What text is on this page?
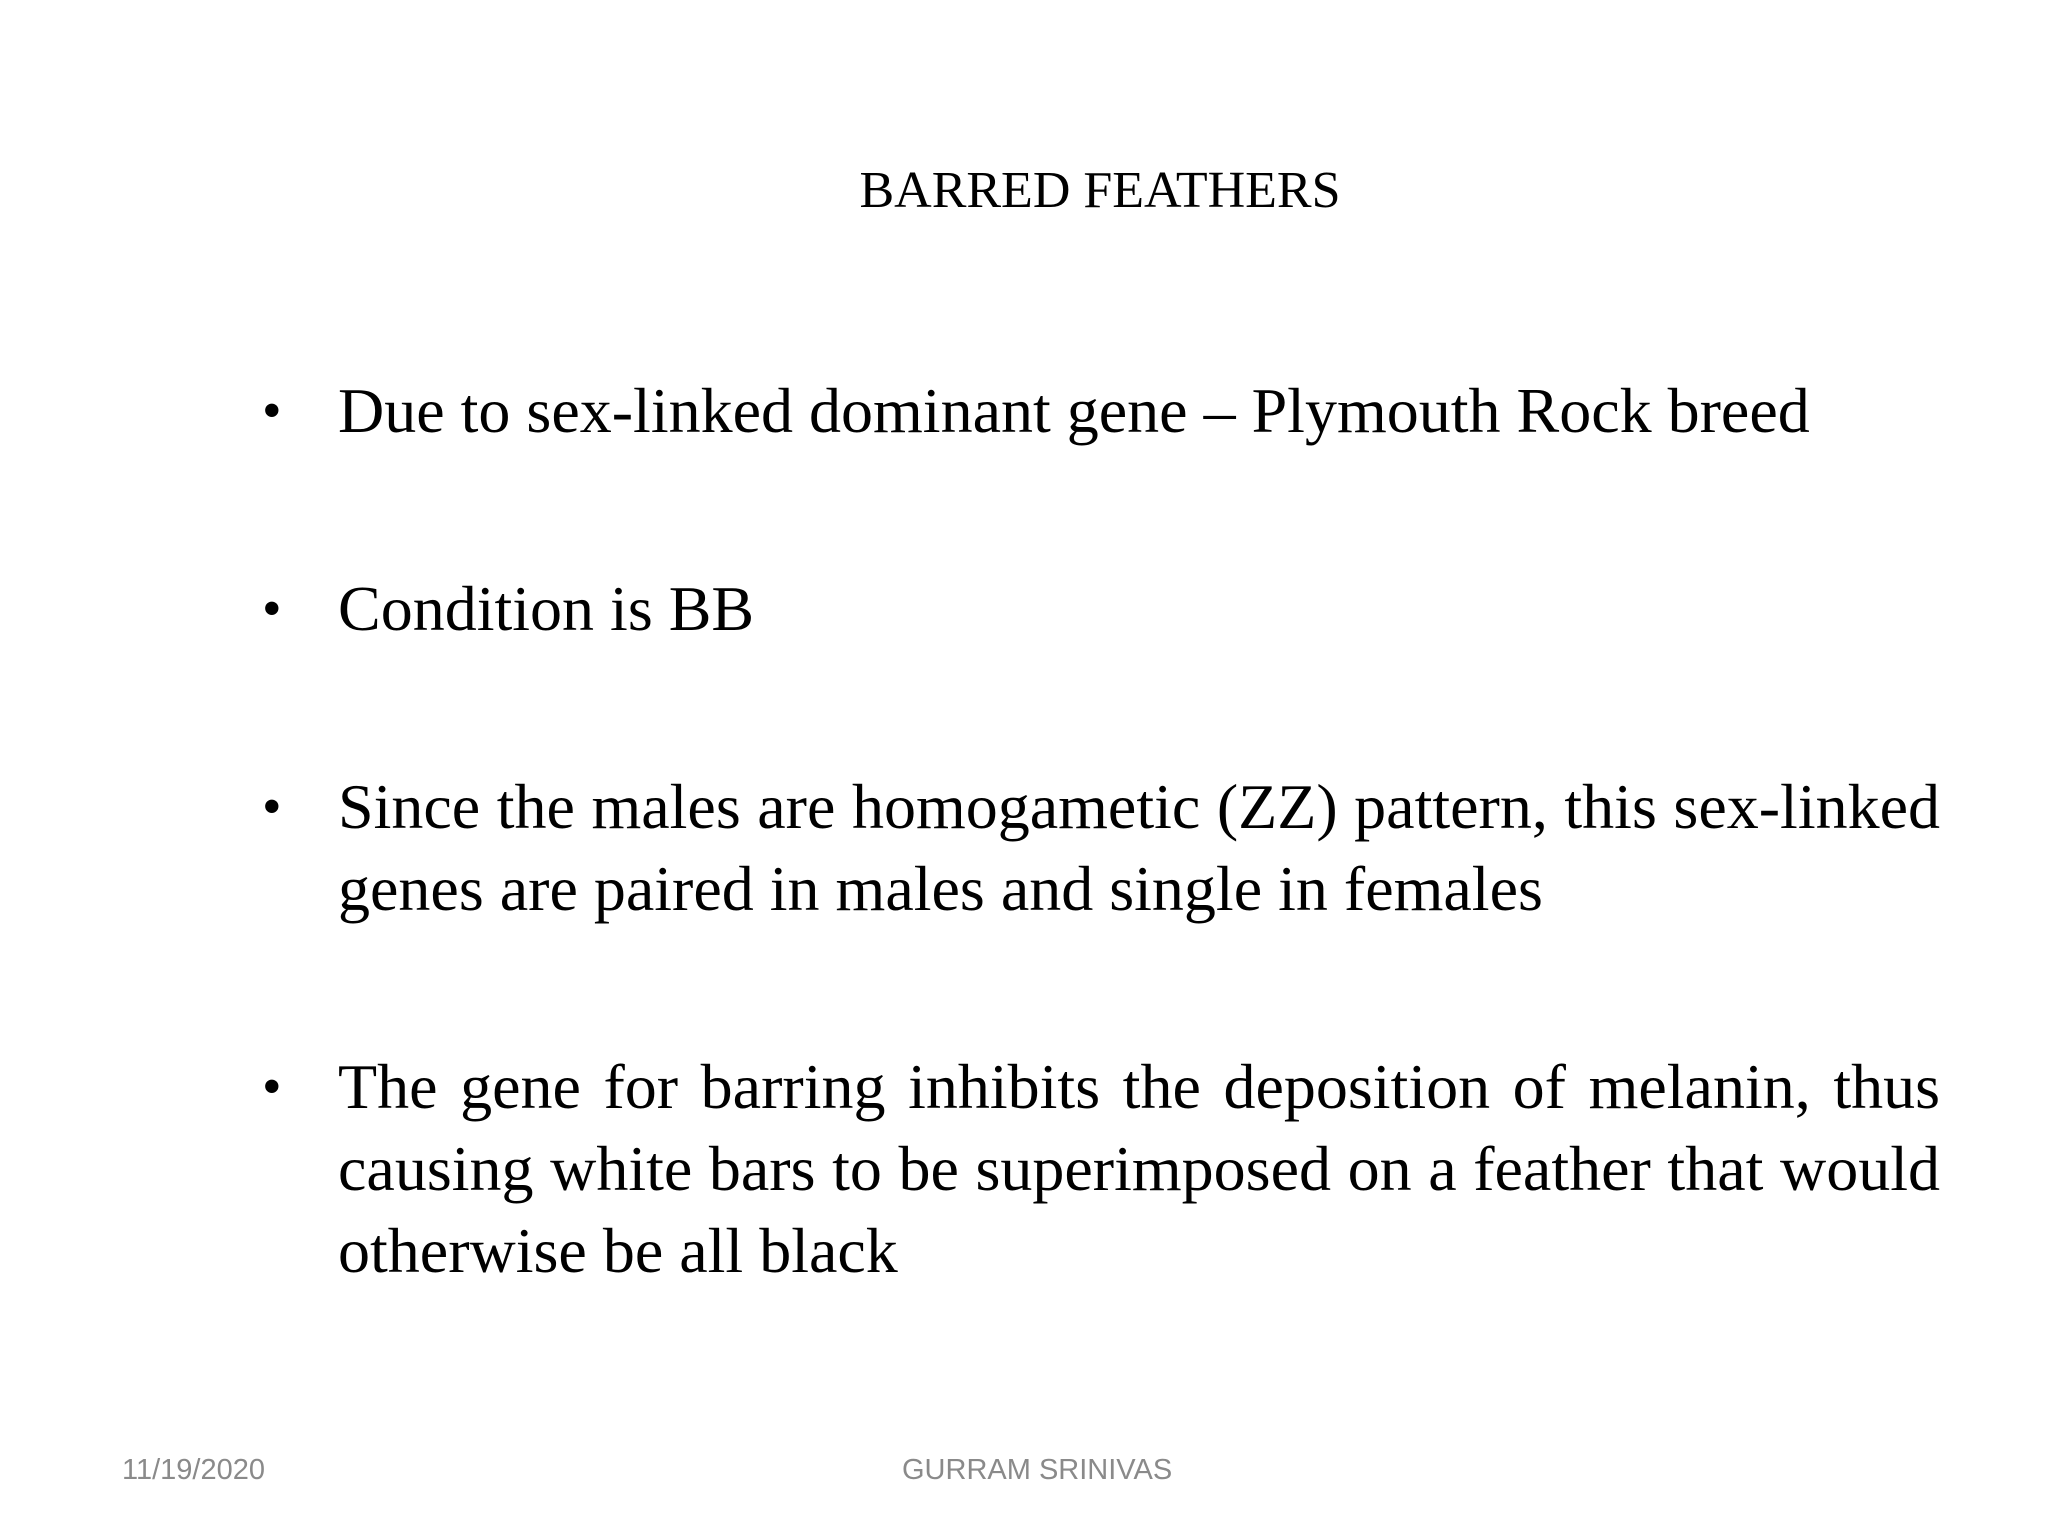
BARRED FEATHERS
• Due to sex-linked dominant gene – Plymouth Rock breed
• Condition is BB
• Since the males are homogametic (ZZ) pattern, this sex-linked genes are paired in males and single in females
• The gene for barring inhibits the deposition of melanin, thus causing white bars to be superimposed on a feather that would otherwise be all black
11/19/2020	GURRAM SRINIVAS
